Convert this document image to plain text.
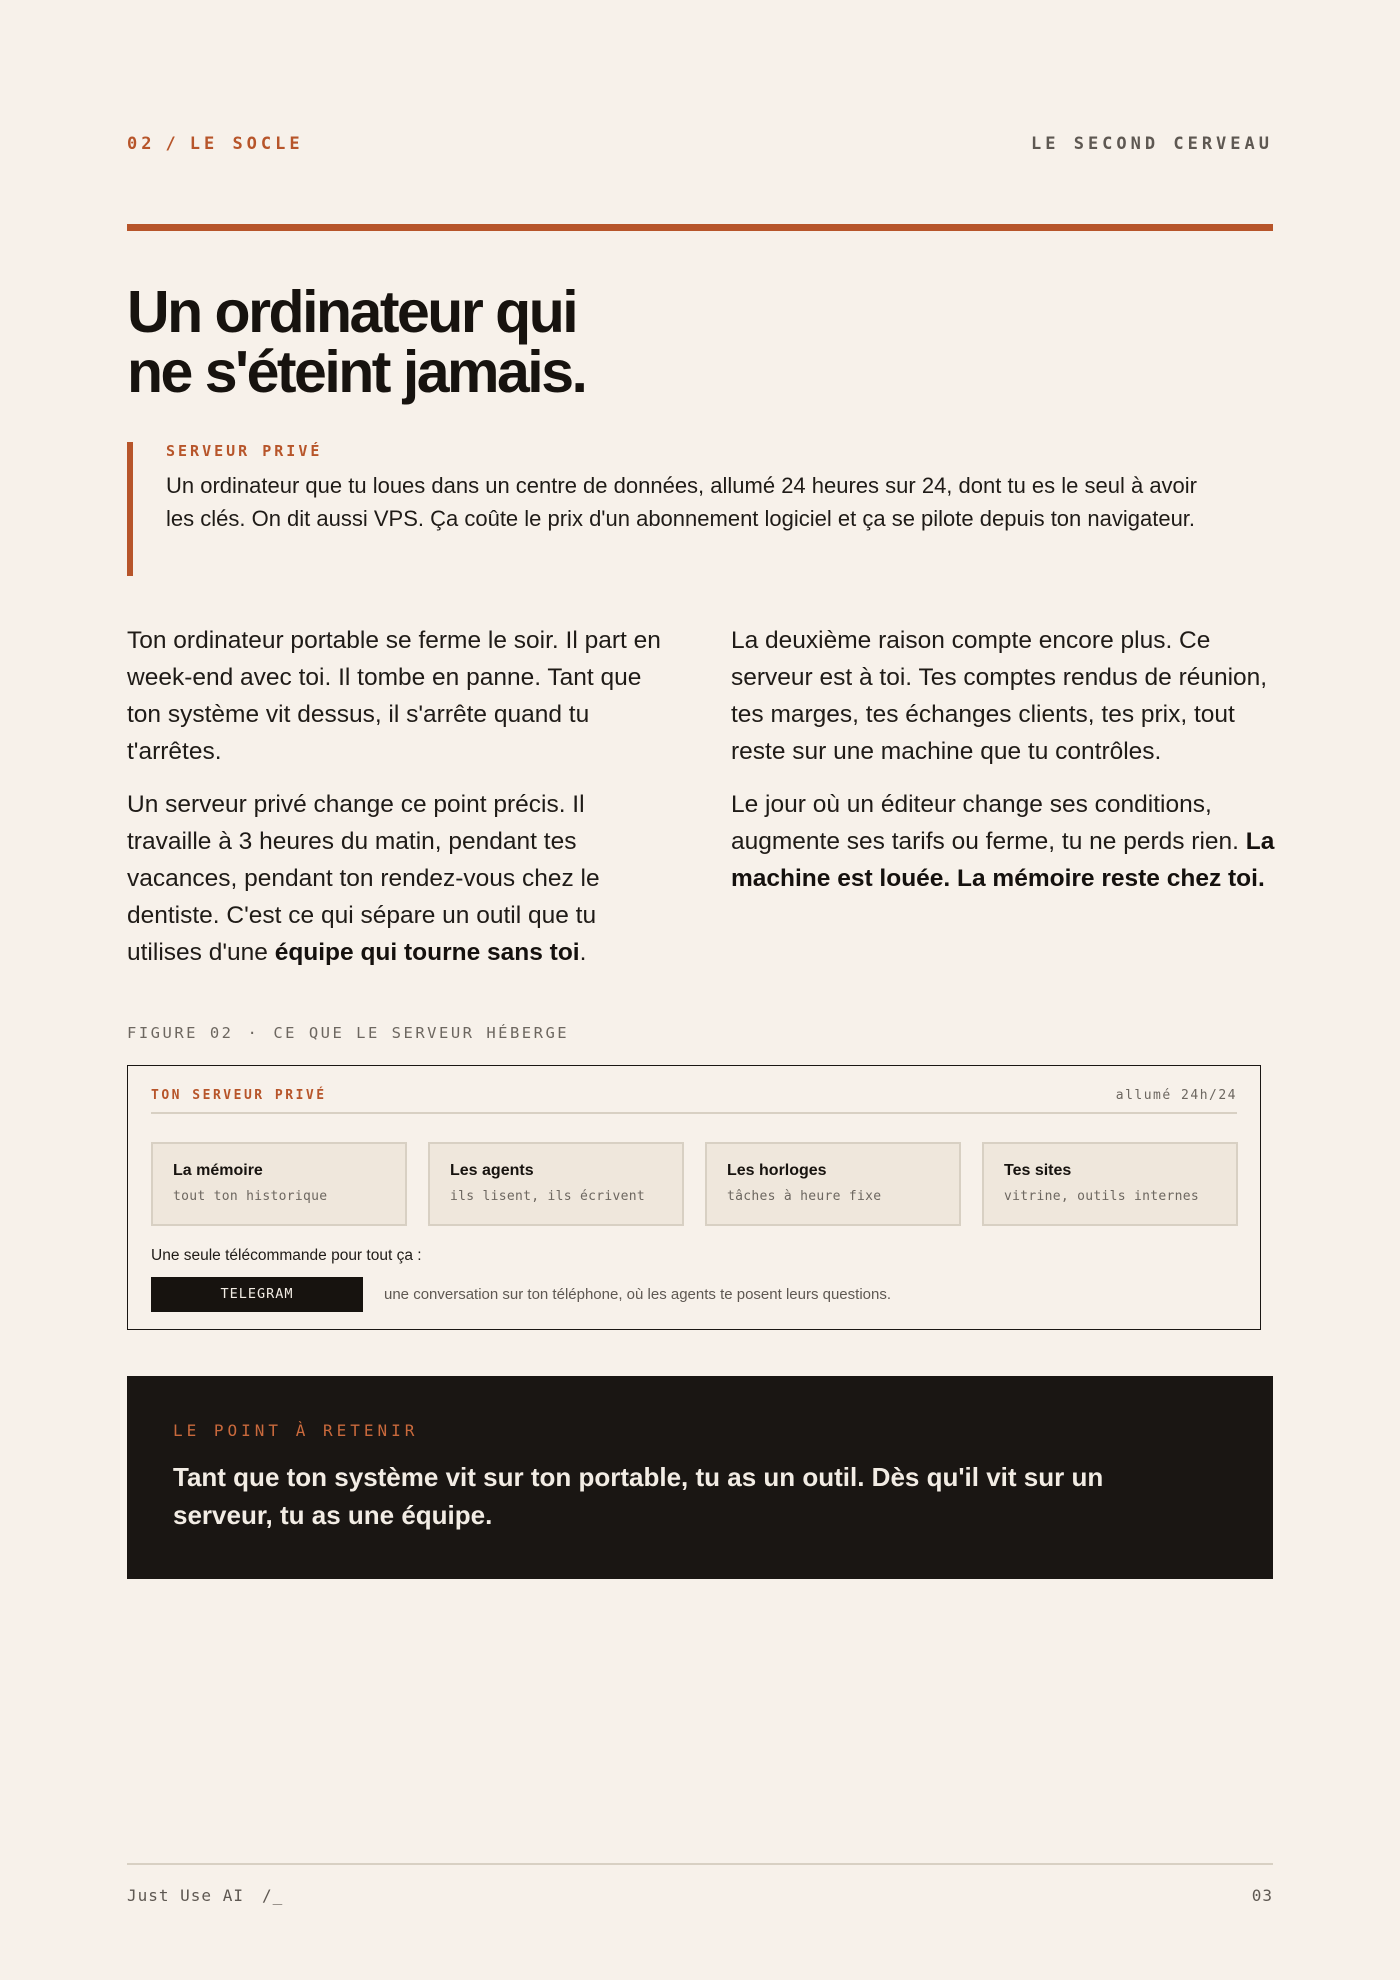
02 / LE SOCLE	LE SECOND CERVEAU
Un ordinateur qui
ne s'éteint jamais.
SERVEUR PRIVÉ
Un ordinateur que tu loues dans un centre de données, allumé 24 heures sur 24, dont tu es le seul à avoir les clés. On dit aussi VPS. Ça coûte le prix d'un abonnement logiciel et ça se pilote depuis ton navigateur.

Ton ordinateur portable se ferme le soir. Il part en week-end avec toi. Il tombe en panne. Tant que ton système vit dessus, il s'arrête quand tu t'arrêtes.

Un serveur privé change ce point précis. Il travaille à 3 heures du matin, pendant tes vacances, pendant ton rendez-vous chez le dentiste. C'est ce qui sépare un outil que tu utilises d'une équipe qui tourne sans toi.

La deuxième raison compte encore plus. Ce serveur est à toi. Tes comptes rendus de réunion, tes marges, tes échanges clients, tes prix, tout reste sur une machine que tu contrôles.

Le jour où un éditeur change ses conditions, augmente ses tarifs ou ferme, tu ne perds rien. La machine est louée. La mémoire reste chez toi.

FIGURE 02 · CE QUE LE SERVEUR HÉBERGE
TON SERVEUR PRIVÉ	allumé 24h/24
La mémoire
tout ton historique
Les agents
ils lisent, ils écrivent
Les horloges
tâches à heure fixe
Tes sites
vitrine, outils internes
Une seule télécommande pour tout ça :
TELEGRAM	une conversation sur ton téléphone, où les agents te posent leurs questions.
LE POINT À RETENIR
Tant que ton système vit sur ton portable, tu as un outil. Dès qu'il vit sur un serveur, tu as une équipe.
Just Use AI /_	03
